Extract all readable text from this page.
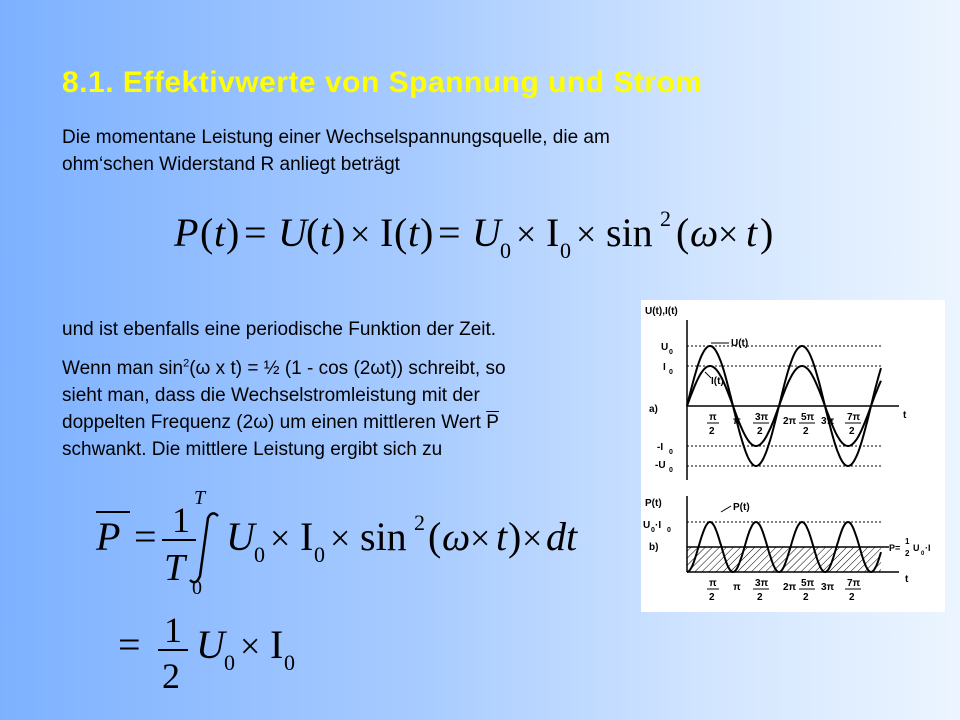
8.1. Effektivwerte von Spannung und Strom
Die momentane Leistung einer Wechselspannungsquelle, die am
ohm‘schen Widerstand R anliegt beträgt
P ( t ) = U ( t ) × I ( t ) = U 0 × I 0 × sin 2 ( ω × t )
und ist ebenfalls eine periodische Funktion der Zeit.
Wenn man $\sin^2(\omega$ x t) = ½ (1 - cos (2ωt)) schreibt, so
sieht man, dass die Wechselstromleistung mit der
doppelten Frequenz (2ω) um einen mittleren Wert $\overline{P}$
schwankt. Die mittlere Leistung ergibt sich zu
P = 1
T
T
0
U 0 × I 0 × sin 2 ( ω × t ) × d t
= 1
2
U 0 × I 0
U(t),I(t)
U 0
I 0
-I 0
-U 0
a)
t
U(t)
I(t)
P(t)
U 0 ·I 0
b)
t
P(t)
P=
1
2
U
0
·I
π
2
π 3π
2
2π 5π
2
3π 7π
2
π
2
π 3π
2
2π 5π
2
3π 7π
2
